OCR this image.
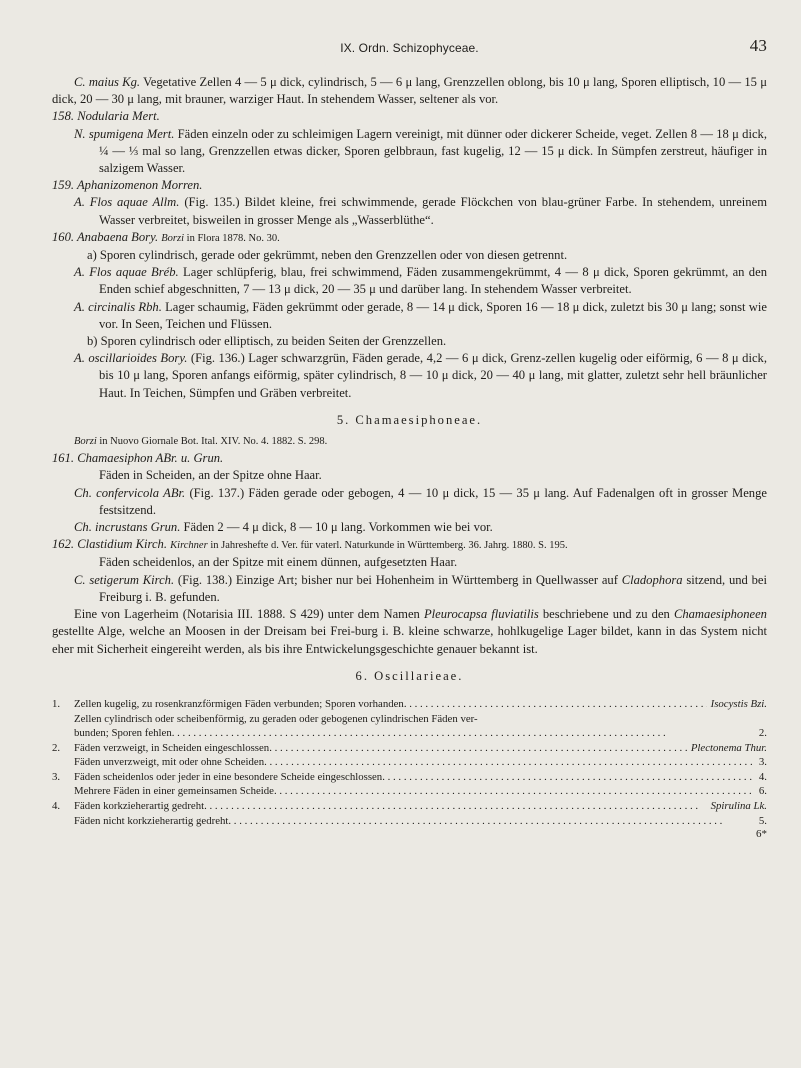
IX. Ordn. Schizophyceae.	43

C. maius Kg. Vegetative Zellen 4 — 5 μ dick, cylindrisch, 5 — 6 μ lang, Grenzzellen oblong, bis 10 μ lang, Sporen elliptisch, 10 — 15 μ dick, 20 — 30 μ lang, mit brauner, warziger Haut. In stehendem Wasser, seltener als vor.

158. Nodularia Mert.

N. spumigena Mert. Fäden einzeln oder zu schleimigen Lagern vereinigt, mit dünner oder dickerer Scheide, veget. Zellen 8 — 18 μ dick, ¼ — ⅓ mal so lang, Grenzzellen etwas dicker, Sporen gelbbraun, fast kugelig, 12 — 15 μ dick. In Sümpfen zerstreut, häufiger in salzigem Wasser.

159. Aphanizomenon Morren.

A. Flos aquae Allm. (Fig. 135.) Bildet kleine, frei schwimmende, gerade Flöckchen von blau-grüner Farbe. In stehendem, unreinem Wasser verbreitet, bisweilen in grosser Menge als „Wasserblüthe“.

160. Anabaena Bory. Borzi in Flora 1878. No. 30.

a) Sporen cylindrisch, gerade oder gekrümmt, neben den Grenzzellen oder von diesen getrennt.

A. Flos aquae Bréb. Lager schlüpferig, blau, frei schwimmend, Fäden zusammengekrümmt, 4 — 8 μ dick, Sporen gekrümmt, an den Enden schief abgeschnitten, 7 — 13 μ dick, 20 — 35 μ und darüber lang. In stehendem Wasser verbreitet.

A. circinalis Rbh. Lager schaumig, Fäden gekrümmt oder gerade, 8 — 14 μ dick, Sporen 16 — 18 μ dick, zuletzt bis 30 μ lang; sonst wie vor. In Seen, Teichen und Flüssen.

b) Sporen cylindrisch oder elliptisch, zu beiden Seiten der Grenzzellen.

A. oscillarioides Bory. (Fig. 136.) Lager schwarzgrün, Fäden gerade, 4,2 — 6 μ dick, Grenz-zellen kugelig oder eiförmig, 6 — 8 μ dick, bis 10 μ lang, Sporen anfangs eiförmig, später cylindrisch, 8 — 10 μ dick, 20 — 40 μ lang, mit glatter, zuletzt sehr hell bräunlicher Haut. In Teichen, Sümpfen und Gräben verbreitet.

5. Chamaesiphoneae.

Borzi in Nuovo Giornale Bot. Ital. XIV. No. 4. 1882. S. 298.

161. Chamaesiphon ABr. u. Grun.

Fäden in Scheiden, an der Spitze ohne Haar.

Ch. confervicola ABr. (Fig. 137.) Fäden gerade oder gebogen, 4 — 10 μ dick, 15 — 35 μ lang. Auf Fadenalgen oft in grosser Menge festsitzend.

Ch. incrustans Grun. Fäden 2 — 4 μ dick, 8 — 10 μ lang. Vorkommen wie bei vor.

162. Clastidium Kirch. Kirchner in Jahreshefte d. Ver. für vaterl. Naturkunde in Württemberg. 36. Jahrg. 1880. S. 195.

Fäden scheidenlos, an der Spitze mit einem dünnen, aufgesetzten Haar.

C. setigerum Kirch. (Fig. 138.) Einzige Art; bisher nur bei Hohenheim in Württemberg in Quellwasser auf Cladophora sitzend, und bei Freiburg i. B. gefunden.

Eine von Lagerheim (Notarisia III. 1888. S 429) unter dem Namen Pleurocapsa fluviatilis beschriebene und zu den Chamaesiphoneen gestellte Alge, welche an Moosen in der Dreisam bei Frei-burg i. B. kleine schwarze, hohlkugelige Lager bildet, kann in das System nicht eher mit Sicherheit eingereiht werden, als bis ihre Entwickelungsgeschichte genauer bekannt ist.

6. Oscillarieae.
1.	Zellen kugelig, zu rosenkranzförmigen Fäden verbunden; Sporen vorhanden . . .	Isocystis Bzi.
Zellen cylindrisch oder scheibenförmig, zu geraden oder gebogenen cylindrischen Fäden ver-
bunden; Sporen fehlen . . .	2.
2.	Fäden verzweigt, in Scheiden eingeschlossen . . .	Plectonema Thur.
Fäden unverzweigt, mit oder ohne Scheiden . . .	3.
3.	Fäden scheidenlos oder jeder in eine besondere Scheide eingeschlossen . . .	4.
Mehrere Fäden in einer gemeinsamen Scheide . . .	6.
4.	Fäden korkzieherartig gedreht . . .	Spirulina Lk.
Fäden nicht korkzieherartig gedreht . . .	5.
6*
